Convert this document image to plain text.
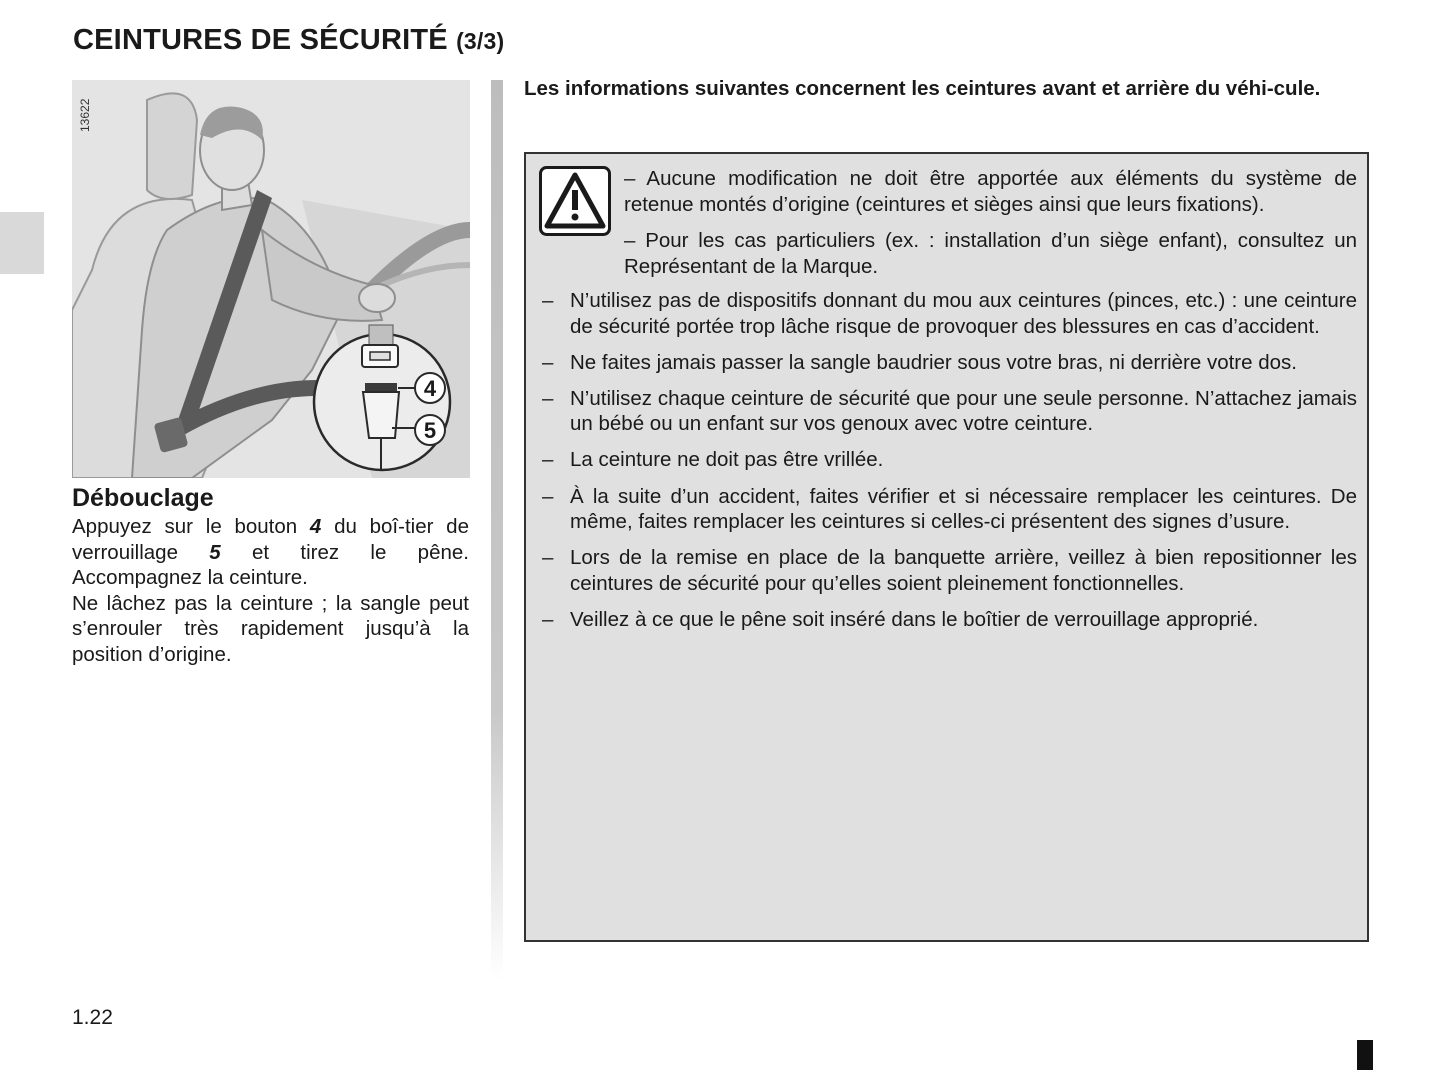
CEINTURES DE SÉCURITÉ (3/3)
4
5
13622
Débouclage

Appuyez sur le bouton 4 du boî-tier de verrouillage 5 et tirez le pêne. Accompagnez la ceinture.

Ne lâchez pas la ceinture ; la sangle peut s’enrouler très rapidement jusqu’à la position d’origine.

Les informations suivantes concernent les ceintures avant et arrière du véhi-cule.

– Aucune modification ne doit être apportée aux éléments du système de retenue montés d’origine (ceintures et sièges ainsi que leurs fixations).

– Pour les cas particuliers (ex. : installation d’un siège enfant), consultez un Représentant de la Marque.

– N’utilisez pas de dispositifs donnant du mou aux ceintures (pinces, etc.) : une ceinture de sécurité portée trop lâche risque de provoquer des blessures en cas d’accident.
– Ne faites jamais passer la sangle baudrier sous votre bras, ni derrière votre dos.
– N’utilisez chaque ceinture de sécurité que pour une seule personne. N’attachez jamais un bébé ou un enfant sur vos genoux avec votre ceinture.
– La ceinture ne doit pas être vrillée.
– À la suite d’un accident, faites vérifier et si nécessaire remplacer les ceintures. De même, faites remplacer les ceintures si celles-ci présentent des signes d’usure.
– Lors de la remise en place de la banquette arrière, veillez à bien repositionner les ceintures de sécurité pour qu’elles soient pleinement fonctionnelles.
– Veillez à ce que le pêne soit inséré dans le boîtier de verrouillage approprié.
1.22
